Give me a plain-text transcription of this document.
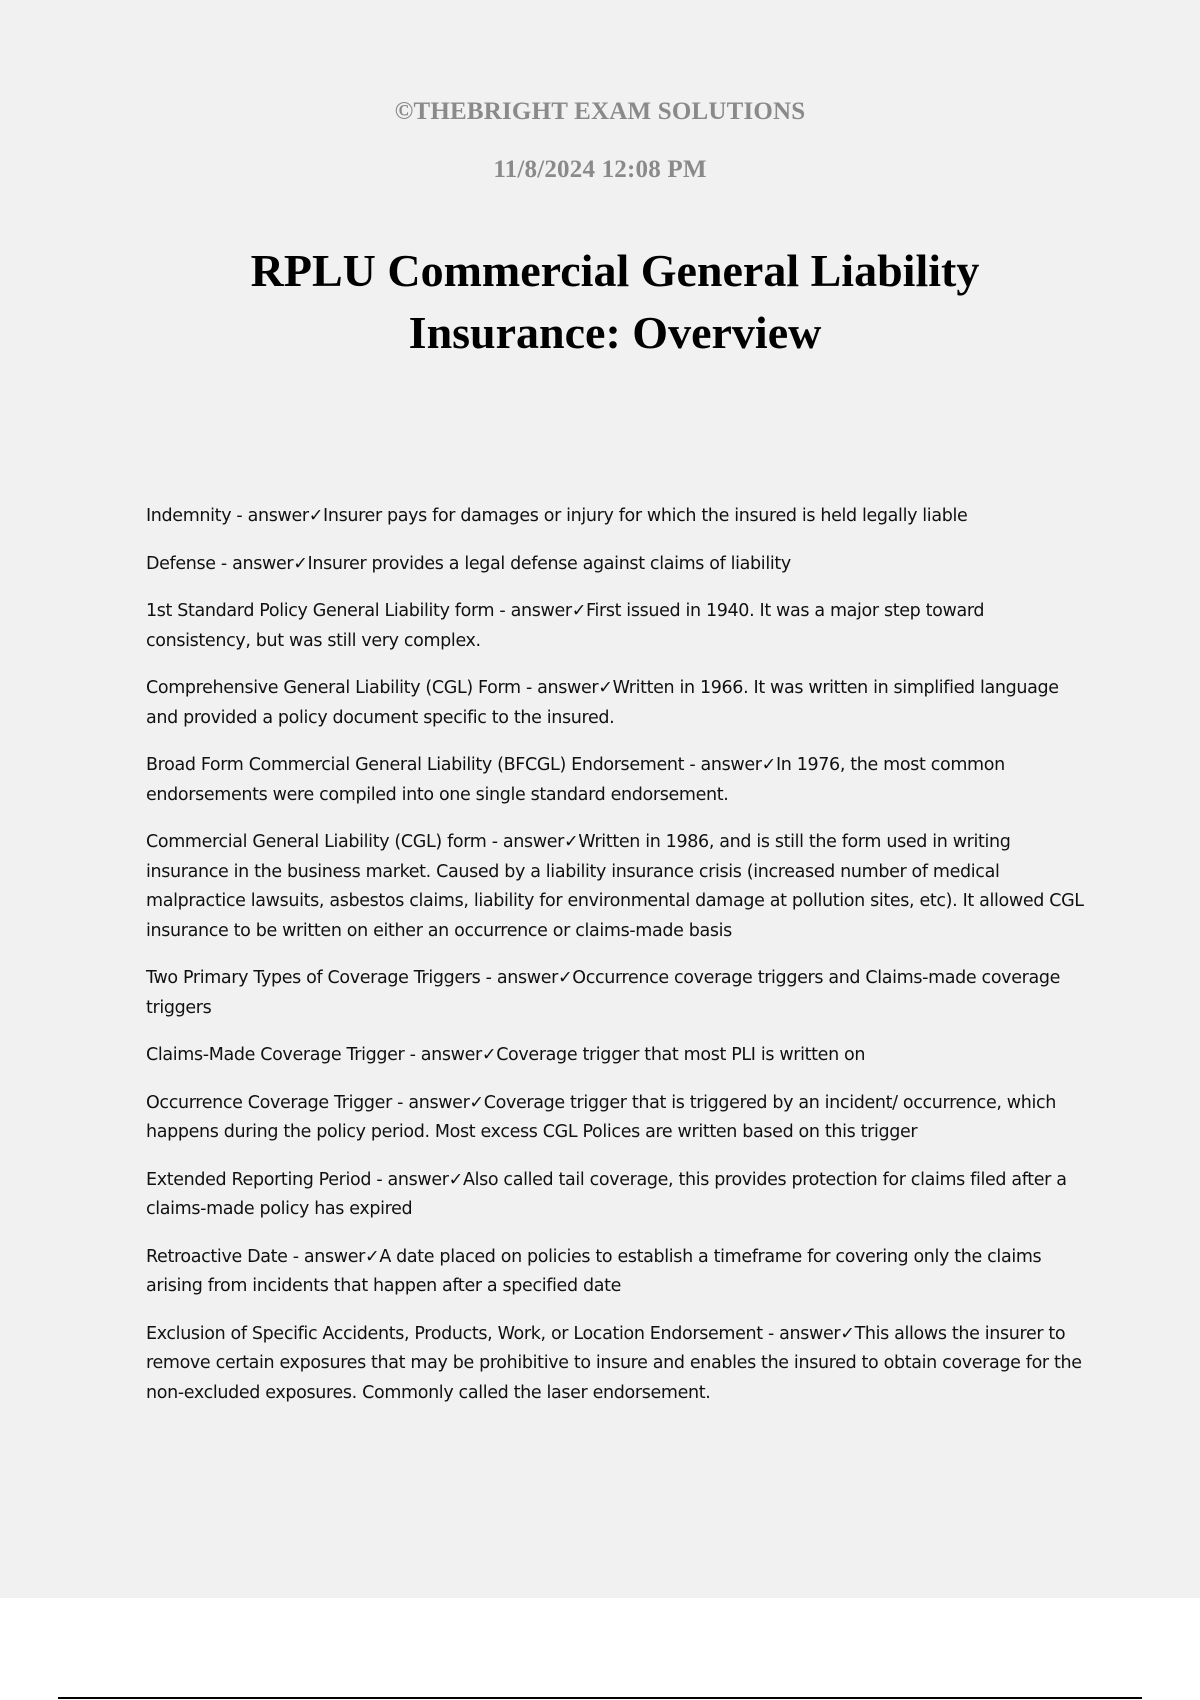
©THEBRIGHT EXAM SOLUTIONS
11/8/2024 12:08 PM
RPLU Commercial General Liability Insurance: Overview

Indemnity - answer✓Insurer pays for damages or injury for which the insured is held legally liable

Defense - answer✓Insurer provides a legal defense against claims of liability

1st Standard Policy General Liability form - answer✓First issued in 1940. It was a major step toward consistency, but was still very complex.

Comprehensive General Liability (CGL) Form - answer✓Written in 1966. It was written in simplified language and provided a policy document specific to the insured.

Broad Form Commercial General Liability (BFCGL) Endorsement - answer✓In 1976, the most common endorsements were compiled into one single standard endorsement.

Commercial General Liability (CGL) form - answer✓Written in 1986, and is still the form used in writing insurance in the business market. Caused by a liability insurance crisis (increased number of medical malpractice lawsuits, asbestos claims, liability for environmental damage at pollution sites, etc). It allowed CGL insurance to be written on either an occurrence or claims-made basis

Two Primary Types of Coverage Triggers - answer✓Occurrence coverage triggers and Claims-made coverage triggers

Claims-Made Coverage Trigger - answer✓Coverage trigger that most PLI is written on

Occurrence Coverage Trigger - answer✓Coverage trigger that is triggered by an incident/ occurrence, which happens during the policy period. Most excess CGL Polices are written based on this trigger

Extended Reporting Period - answer✓Also called tail coverage, this provides protection for claims filed after a claims-made policy has expired

Retroactive Date - answer✓A date placed on policies to establish a timeframe for covering only the claims arising from incidents that happen after a specified date

Exclusion of Specific Accidents, Products, Work, or Location Endorsement - answer✓This allows the insurer to remove certain exposures that may be prohibitive to insure and enables the insured to obtain coverage for the non-excluded exposures. Commonly called the laser endorsement.
